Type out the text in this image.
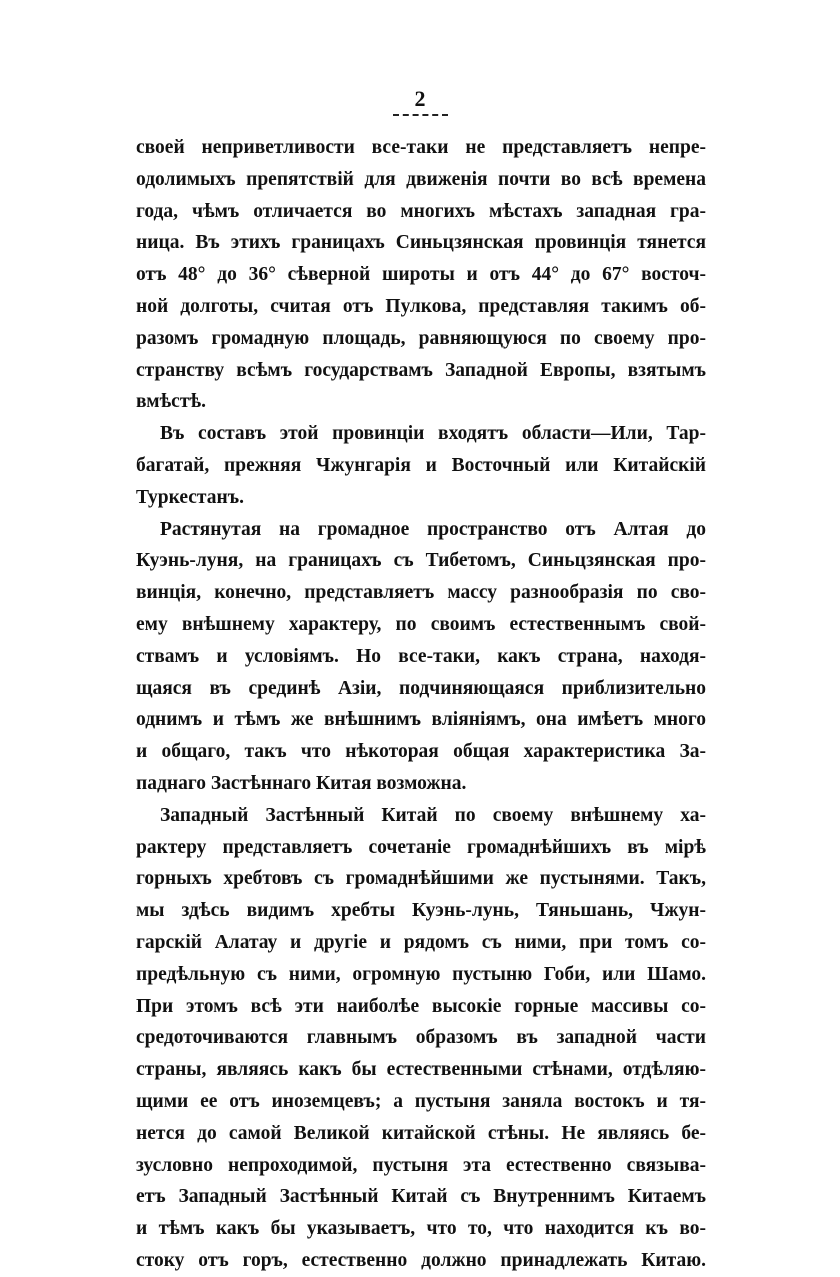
2
своей неприветливости все-таки не представляетъ непре-
одолимыхъ препятствій для движенія почти во всѣ времена
года, чѣмъ отличается во многихъ мѣстахъ западная гра-
ница. Въ этихъ границахъ Синьцзянская провинція тянется
отъ 48° до 36° сѣверной широты и отъ 44° до 67° восточ-
ной долготы, считая отъ Пулкова, представляя такимъ об-
разомъ громадную площадь, равняющуюся по своему про-
странству всѣмъ государствамъ Западной Европы, взятымъ
вмѣстѣ.
Въ составъ этой провинціи входятъ области—Или, Тар-
багатай, прежняя Чжунгарія и Восточный или Китайскій
Туркестанъ.
Растянутая на громадное пространство отъ Алтая до
Куэнь-луня, на границахъ съ Тибетомъ, Синьцзянская про-
винція, конечно, представляетъ массу разнообразія по сво-
ему внѣшнему характеру, по своимъ естественнымъ свой-
ствамъ и условіямъ. Но все-таки, какъ страна, находя-
щаяся въ срединѣ Азіи, подчиняющаяся приблизительно
однимъ и тѣмъ же внѣшнимъ вліяніямъ, она имѣетъ много
и общаго, такъ что нѣкоторая общая характеристика За-
паднаго Застѣннаго Китая возможна.
Западный Застѣнный Китай по своему внѣшнему ха-
рактеру представляетъ сочетаніе громаднѣйшихъ въ мірѣ
горныхъ хребтовъ съ громаднѣйшими же пустынями. Такъ,
мы здѣсь видимъ хребты Куэнь-лунь, Тяньшань, Чжун-
гарскій Алатау и другіе и рядомъ съ ними, при томъ со-
предѣльную съ ними, огромную пустыню Гоби, или Шамо.
При этомъ всѣ эти наиболѣе высокіе горные массивы со-
средоточиваются главнымъ образомъ въ западной части
страны, являясь какъ бы естественными стѣнами, отдѣляю-
щими ее отъ иноземцевъ; а пустыня заняла востокъ и тя-
нется до самой Великой китайской стѣны. Не являясь бе-
зусловно непроходимой, пустыня эта естественно связыва-
етъ Западный Застѣнный Китай съ Внутреннимъ Китаемъ
и тѣмъ какъ бы указываетъ, что то, что находится къ во-
стоку отъ горъ, естественно должно принадлежать Китаю.
